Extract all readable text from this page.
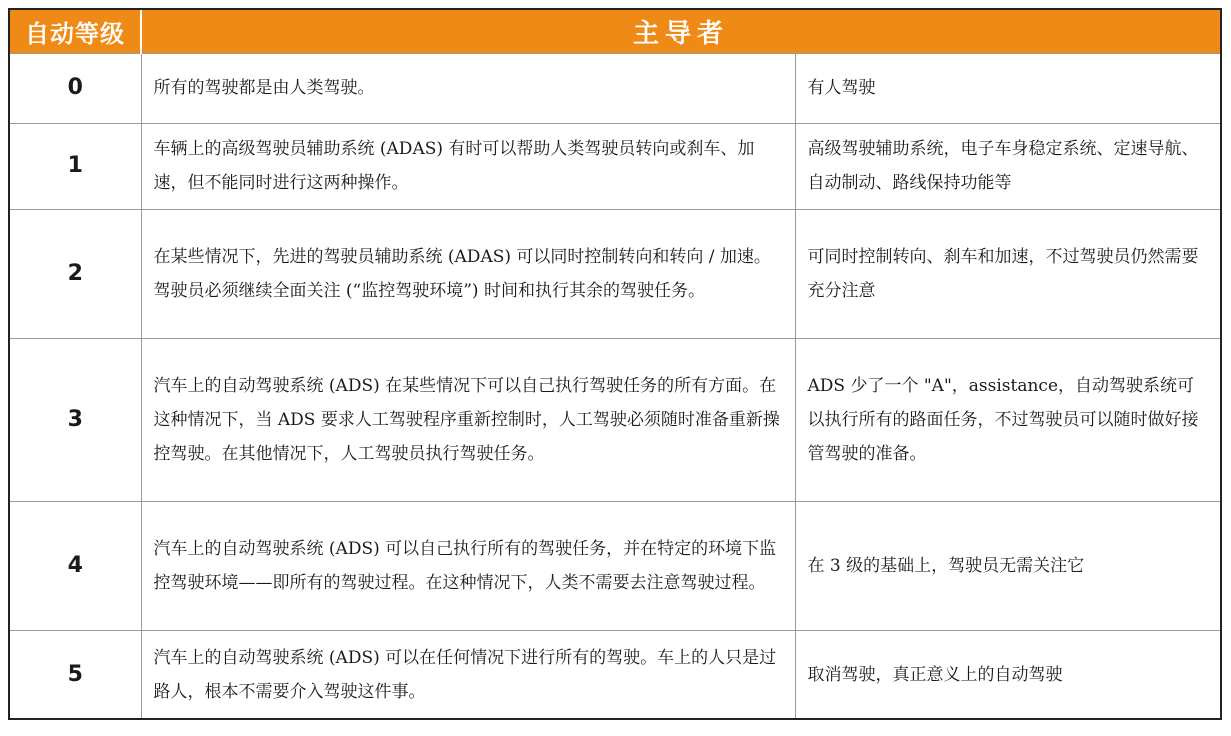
自动等级	主导者	
0	所有的驾驶都是由人类驾驶。	有人驾驶
1	车辆上的高级驾驶员辅助系统 (ADAS) 有时可以帮助人类驾驶员转向或刹车、加速，但不能同时进行这两种操作。	高级驾驶辅助系统，电子车身稳定系统、定速导航、自动制动、路线保持功能等
2	在某些情况下，先进的驾驶员辅助系统 (ADAS) 可以同时控制转向和转向 / 加速。驾驶员必须继续全面关注 (“监控驾驶环境”) 时间和执行其余的驾驶任务。	可同时控制转向、刹车和加速，不过驾驶员仍然需要充分注意
3	汽车上的自动驾驶系统 (ADS) 在某些情况下可以自己执行驾驶任务的所有方面。在这种情况下，当 ADS 要求人工驾驶程序重新控制时，人工驾驶必须随时准备重新操控驾驶。在其他情况下，人工驾驶员执行驾驶任务。	ADS 少了一个 "A"，assistance，自动驾驶系统可以执行所有的路面任务，不过驾驶员可以随时做好接管驾驶的准备。
4	汽车上的自动驾驶系统 (ADS) 可以自己执行所有的驾驶任务，并在特定的环境下监控驾驶环境——即所有的驾驶过程。在这种情况下，人类不需要去注意驾驶过程。	在 3 级的基础上，驾驶员无需关注它
5	汽车上的自动驾驶系统 (ADS) 可以在任何情况下进行所有的驾驶。车上的人只是过路人，根本不需要介入驾驶这件事。	取消驾驶，真正意义上的自动驾驶
